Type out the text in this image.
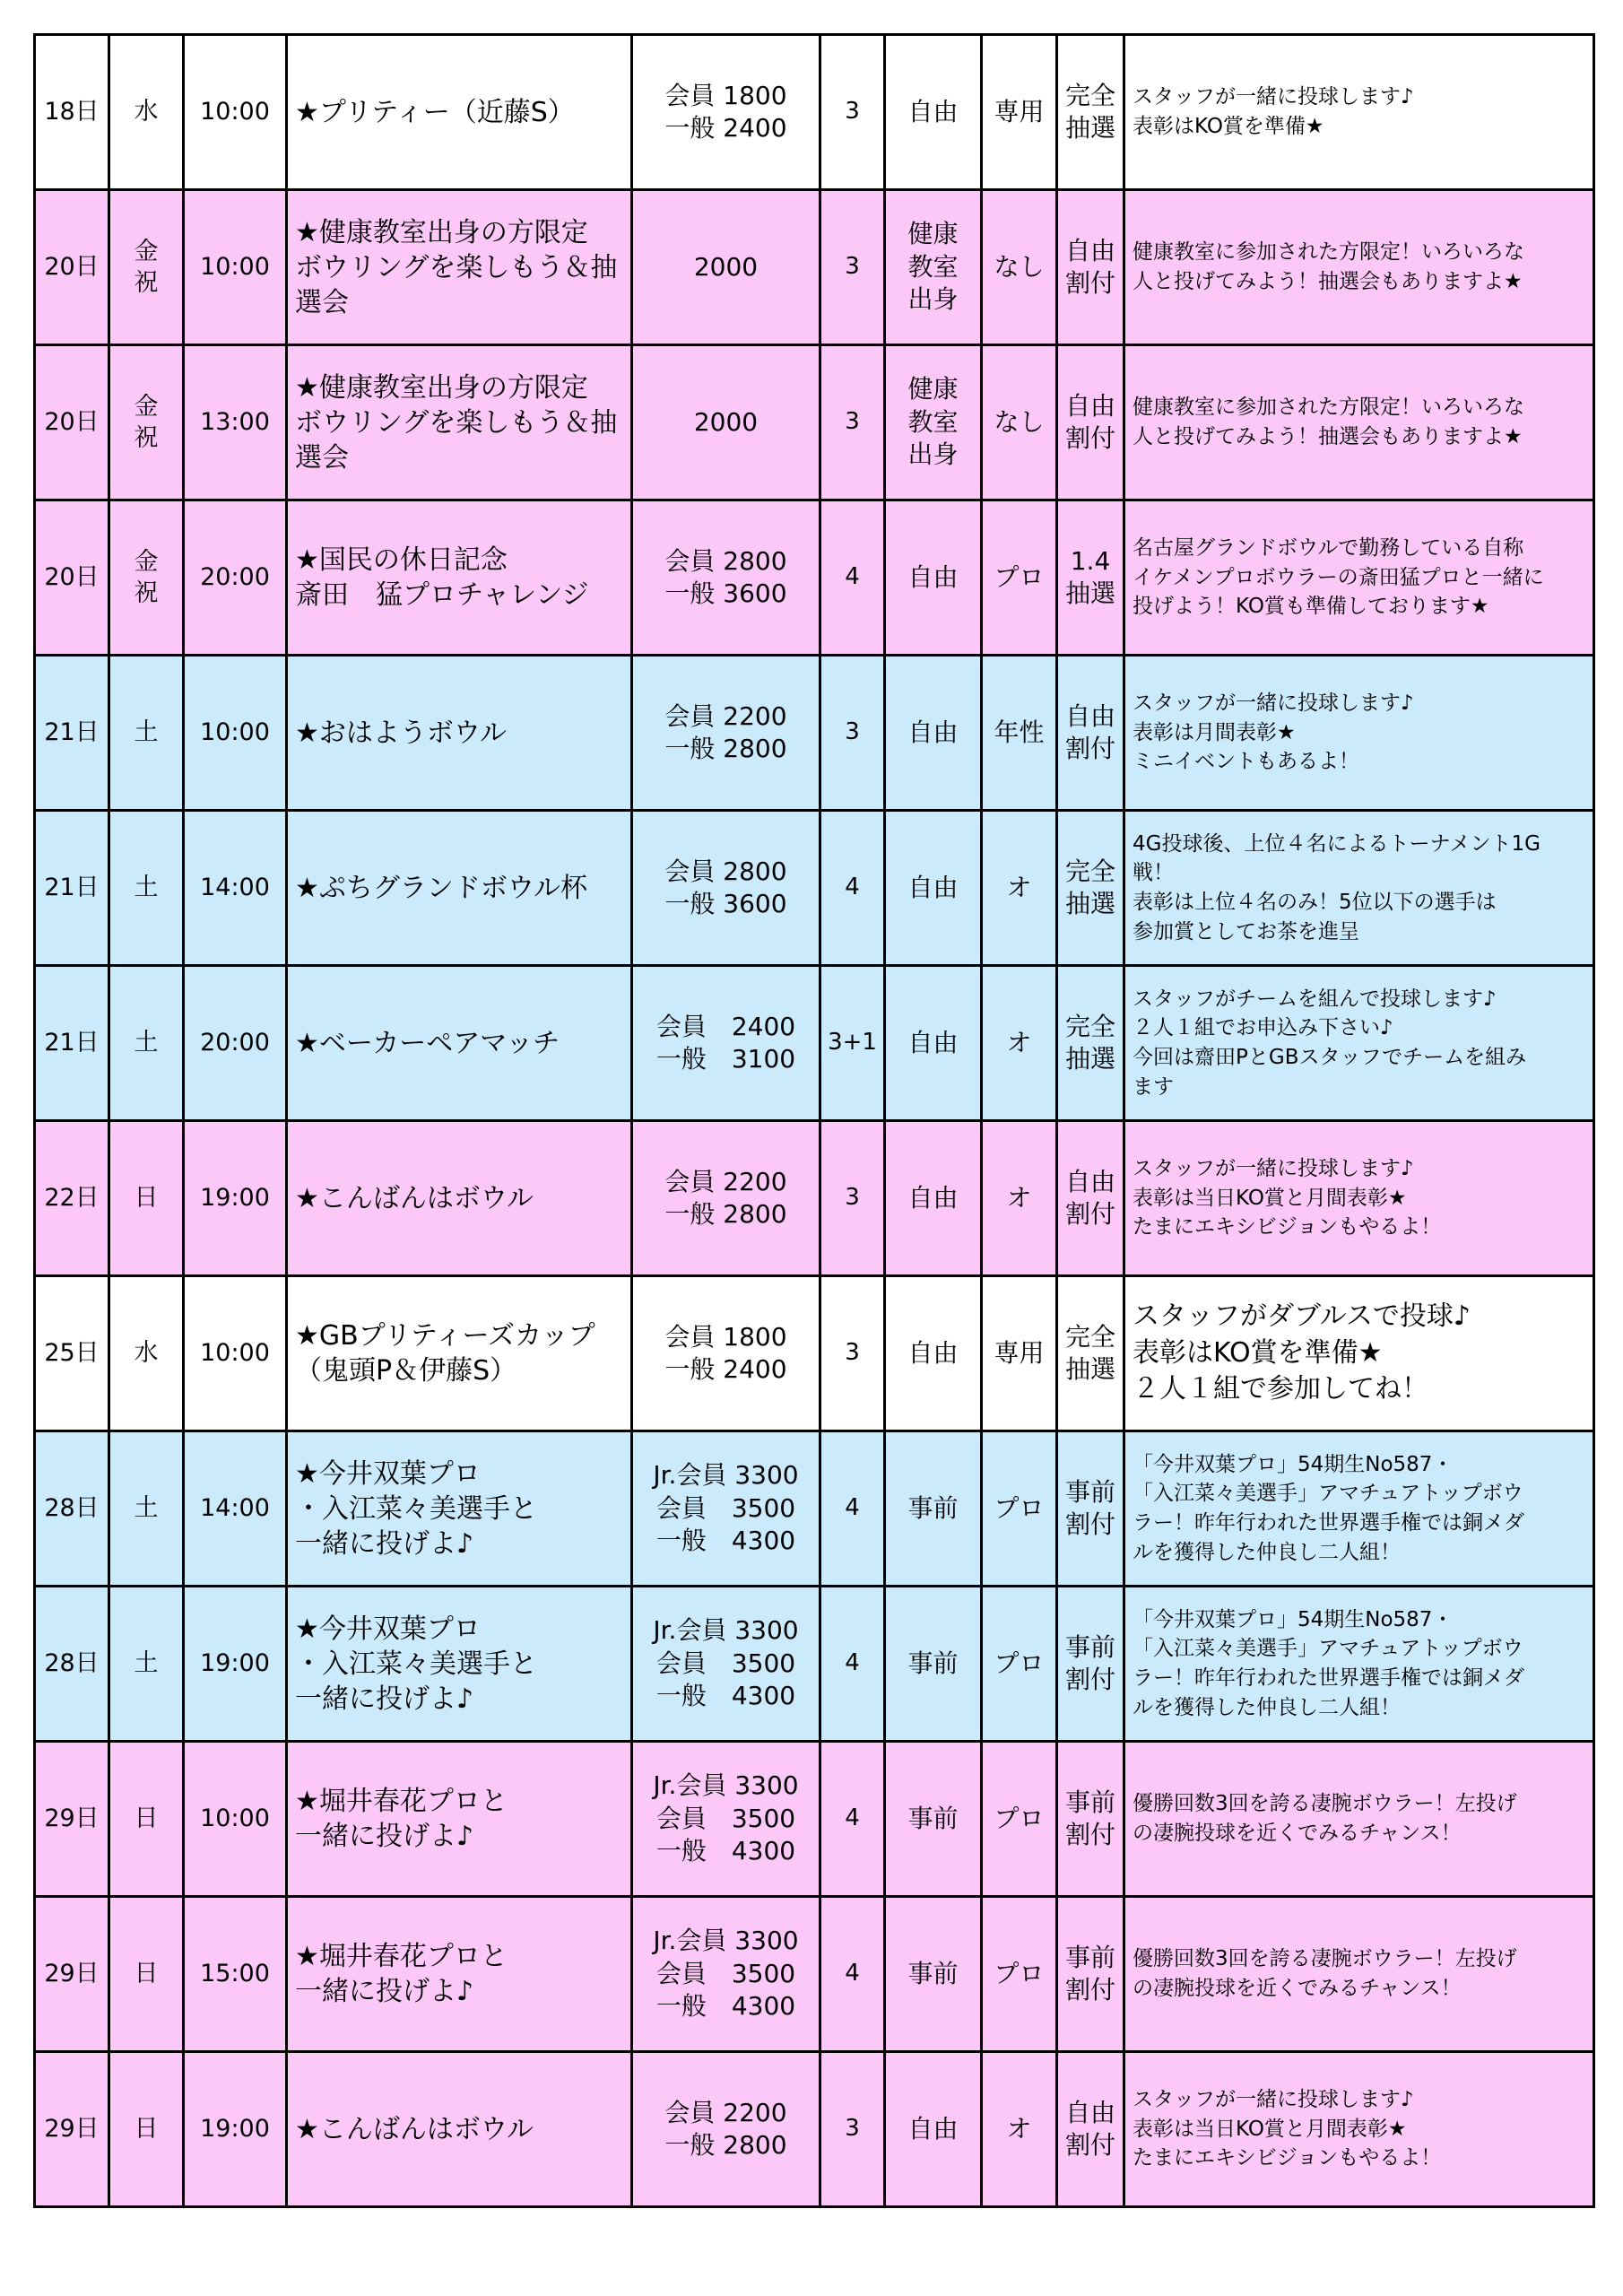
18日	水	10:00	★プリティー（近藤S）	会員 1800
一般 2400	3	自由	専用	完全
抽選	スタッフが一緒に投球します♪
表彰はKO賞を準備★

20日	金
祝	10:00	★健康教室出身の方限定
ボウリングを楽しもう＆抽
選会	2000	3	健康
教室
出身	なし	自由
割付	健康教室に参加された方限定！いろいろな
人と投げてみよう！抽選会もありますよ★

20日	金
祝	13:00	★健康教室出身の方限定
ボウリングを楽しもう＆抽
選会	2000	3	健康
教室
出身	なし	自由
割付	健康教室に参加された方限定！いろいろな
人と投げてみよう！抽選会もありますよ★

20日	金
祝	20:00	★国民の休日記念
斎田　猛プロチャレンジ	会員 2800
一般 3600	4	自由	プロ	1.4
抽選	名古屋グランドボウルで勤務している自称
イケメンプロボウラーの斎田猛プロと一緒に
投げよう！KO賞も準備しております★

21日	土	10:00	★おはようボウル	会員 2200
一般 2800	3	自由	年性	自由
割付	スタッフが一緒に投球します♪
表彰は月間表彰★
ミニイベントもあるよ！

21日	土	14:00	★ぷちグランドボウル杯	会員 2800
一般 3600	4	自由	オ	完全
抽選	4G投球後、上位４名によるトーナメント1G
戦！
表彰は上位４名のみ！5位以下の選手は
参加賞としてお茶を進呈

21日	土	20:00	★ベーカーペアマッチ	会員　2400
一般　3100	3+1	自由	オ	完全
抽選	スタッフがチームを組んで投球します♪
２人１組でお申込み下さい♪
今回は齋田PとGBスタッフでチームを組み
ます

22日	日	19:00	★こんばんはボウル	会員 2200
一般 2800	3	自由	オ	自由
割付	スタッフが一緒に投球します♪
表彰は当日KO賞と月間表彰★
たまにエキシビジョンもやるよ！

25日	水	10:00	★GBプリティーズカップ
（鬼頭P＆伊藤S）	会員 1800
一般 2400	3	自由	専用	完全
抽選	スタッフがダブルスで投球♪
表彰はKO賞を準備★
２人１組で参加してね！

28日	土	14:00	★今井双葉プロ
・入江菜々美選手と
一緒に投げよ♪	Jr.会員 3300
会員　3500
一般　4300	4	事前	プロ	事前
割付	「今井双葉プロ」54期生No587・
「入江菜々美選手」アマチュアトップボウ
ラー！昨年行われた世界選手権では銅メダ
ルを獲得した仲良し二人組！

28日	土	19:00	★今井双葉プロ
・入江菜々美選手と
一緒に投げよ♪	Jr.会員 3300
会員　3500
一般　4300	4	事前	プロ	事前
割付	「今井双葉プロ」54期生No587・
「入江菜々美選手」アマチュアトップボウ
ラー！昨年行われた世界選手権では銅メダ
ルを獲得した仲良し二人組！

29日	日	10:00	★堀井春花プロと
一緒に投げよ♪	Jr.会員 3300
会員　3500
一般　4300	4	事前	プロ	事前
割付	優勝回数3回を誇る凄腕ボウラー！左投げ
の凄腕投球を近くでみるチャンス！

29日	日	15:00	★堀井春花プロと
一緒に投げよ♪	Jr.会員 3300
会員　3500
一般　4300	4	事前	プロ	事前
割付	優勝回数3回を誇る凄腕ボウラー！左投げ
の凄腕投球を近くでみるチャンス！

29日	日	19:00	★こんばんはボウル	会員 2200
一般 2800	3	自由	オ	自由
割付	スタッフが一緒に投球します♪
表彰は当日KO賞と月間表彰★
たまにエキシビジョンもやるよ！
